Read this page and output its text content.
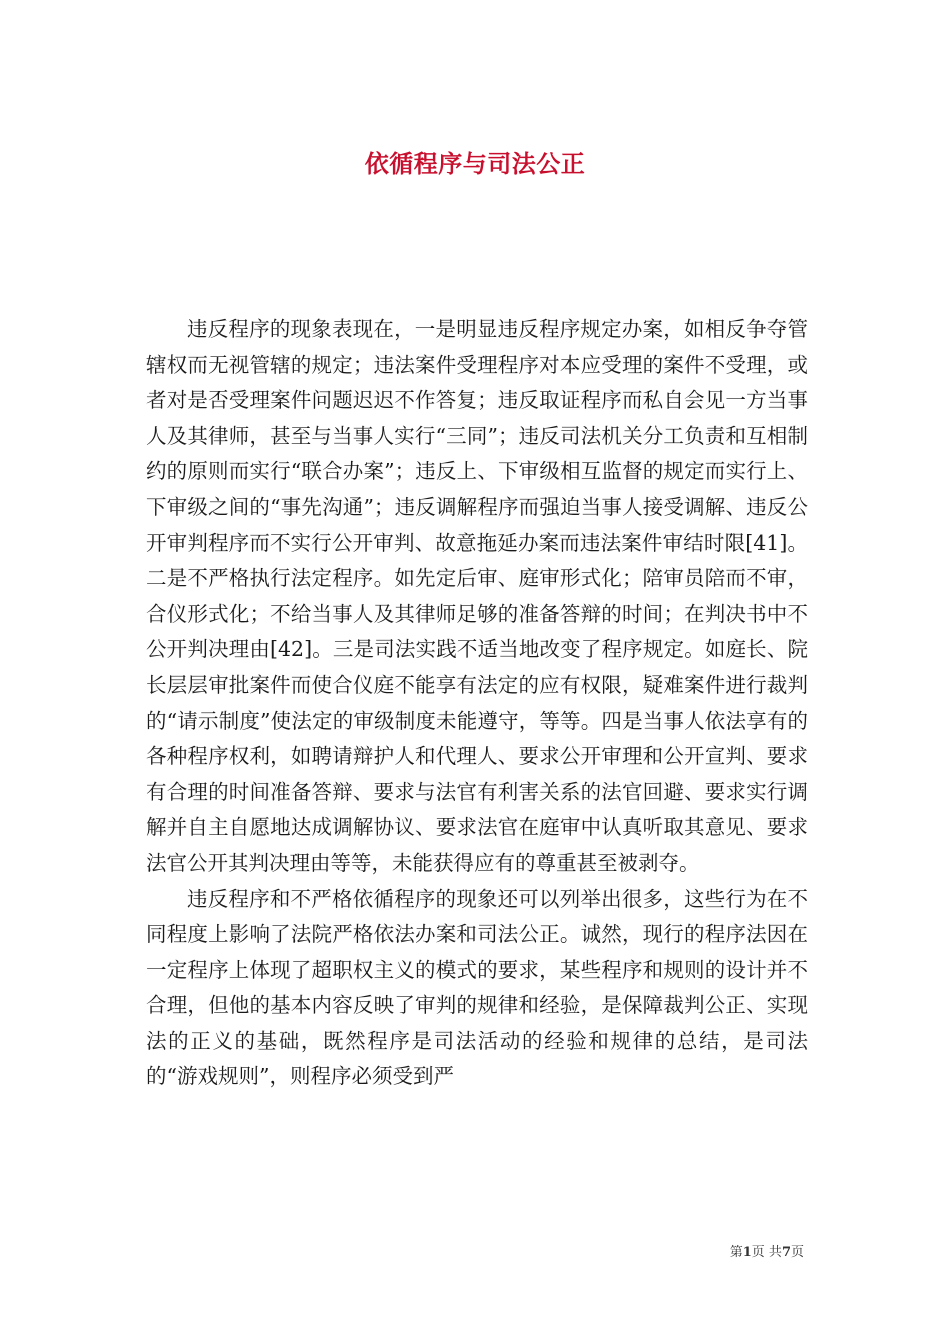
依循程序与司法公正

违反程序的现象表现在，一是明显违反程序规定办案，如相反争夺管辖权而无视管辖的规定；违法案件受理程序对本应受理的案件不受理，或者对是否受理案件问题迟迟不作答复；违反取证程序而私自会见一方当事人及其律师，甚至与当事人实行“三同”；违反司法机关分工负责和互相制约的原则而实行“联合办案”；违反上、下审级相互监督的规定而实行上、下审级之间的“事先沟通”；违反调解程序而强迫当事人接受调解、违反公开审判程序而不实行公开审判、故意拖延办案而违法案件审结时限[41]。二是不严格执行法定程序。如先定后审、庭审形式化；陪审员陪而不审，合仪形式化；不给当事人及其律师足够的准备答辩的时间；在判决书中不公开判决理由[42]。三是司法实践不适当地改变了程序规定。如庭长、院长层层审批案件而使合仪庭不能享有法定的应有权限，疑难案件进行裁判的“请示制度”使法定的审级制度未能遵守，等等。四是当事人依法享有的各种程序权利，如聘请辩护人和代理人、要求公开审理和公开宣判、要求有合理的时间准备答辩、要求与法官有利害关系的法官回避、要求实行调解并自主自愿地达成调解协议、要求法官在庭审中认真听取其意见、要求法官公开其判决理由等等，未能获得应有的尊重甚至被剥夺。

违反程序和不严格依循程序的现象还可以列举出很多，这些行为在不同程度上影响了法院严格依法办案和司法公正。诚然，现行的程序法因在一定程序上体现了超职权主义的模式的要求，某些程序和规则的设计并不合理，但他的基本内容反映了审判的规律和经验，是保障裁判公正、实现法的正义的基础，既然程序是司法活动的经验和规律的总结，是司法的“游戏规则”，则程序必须受到严

第1页 共7页
